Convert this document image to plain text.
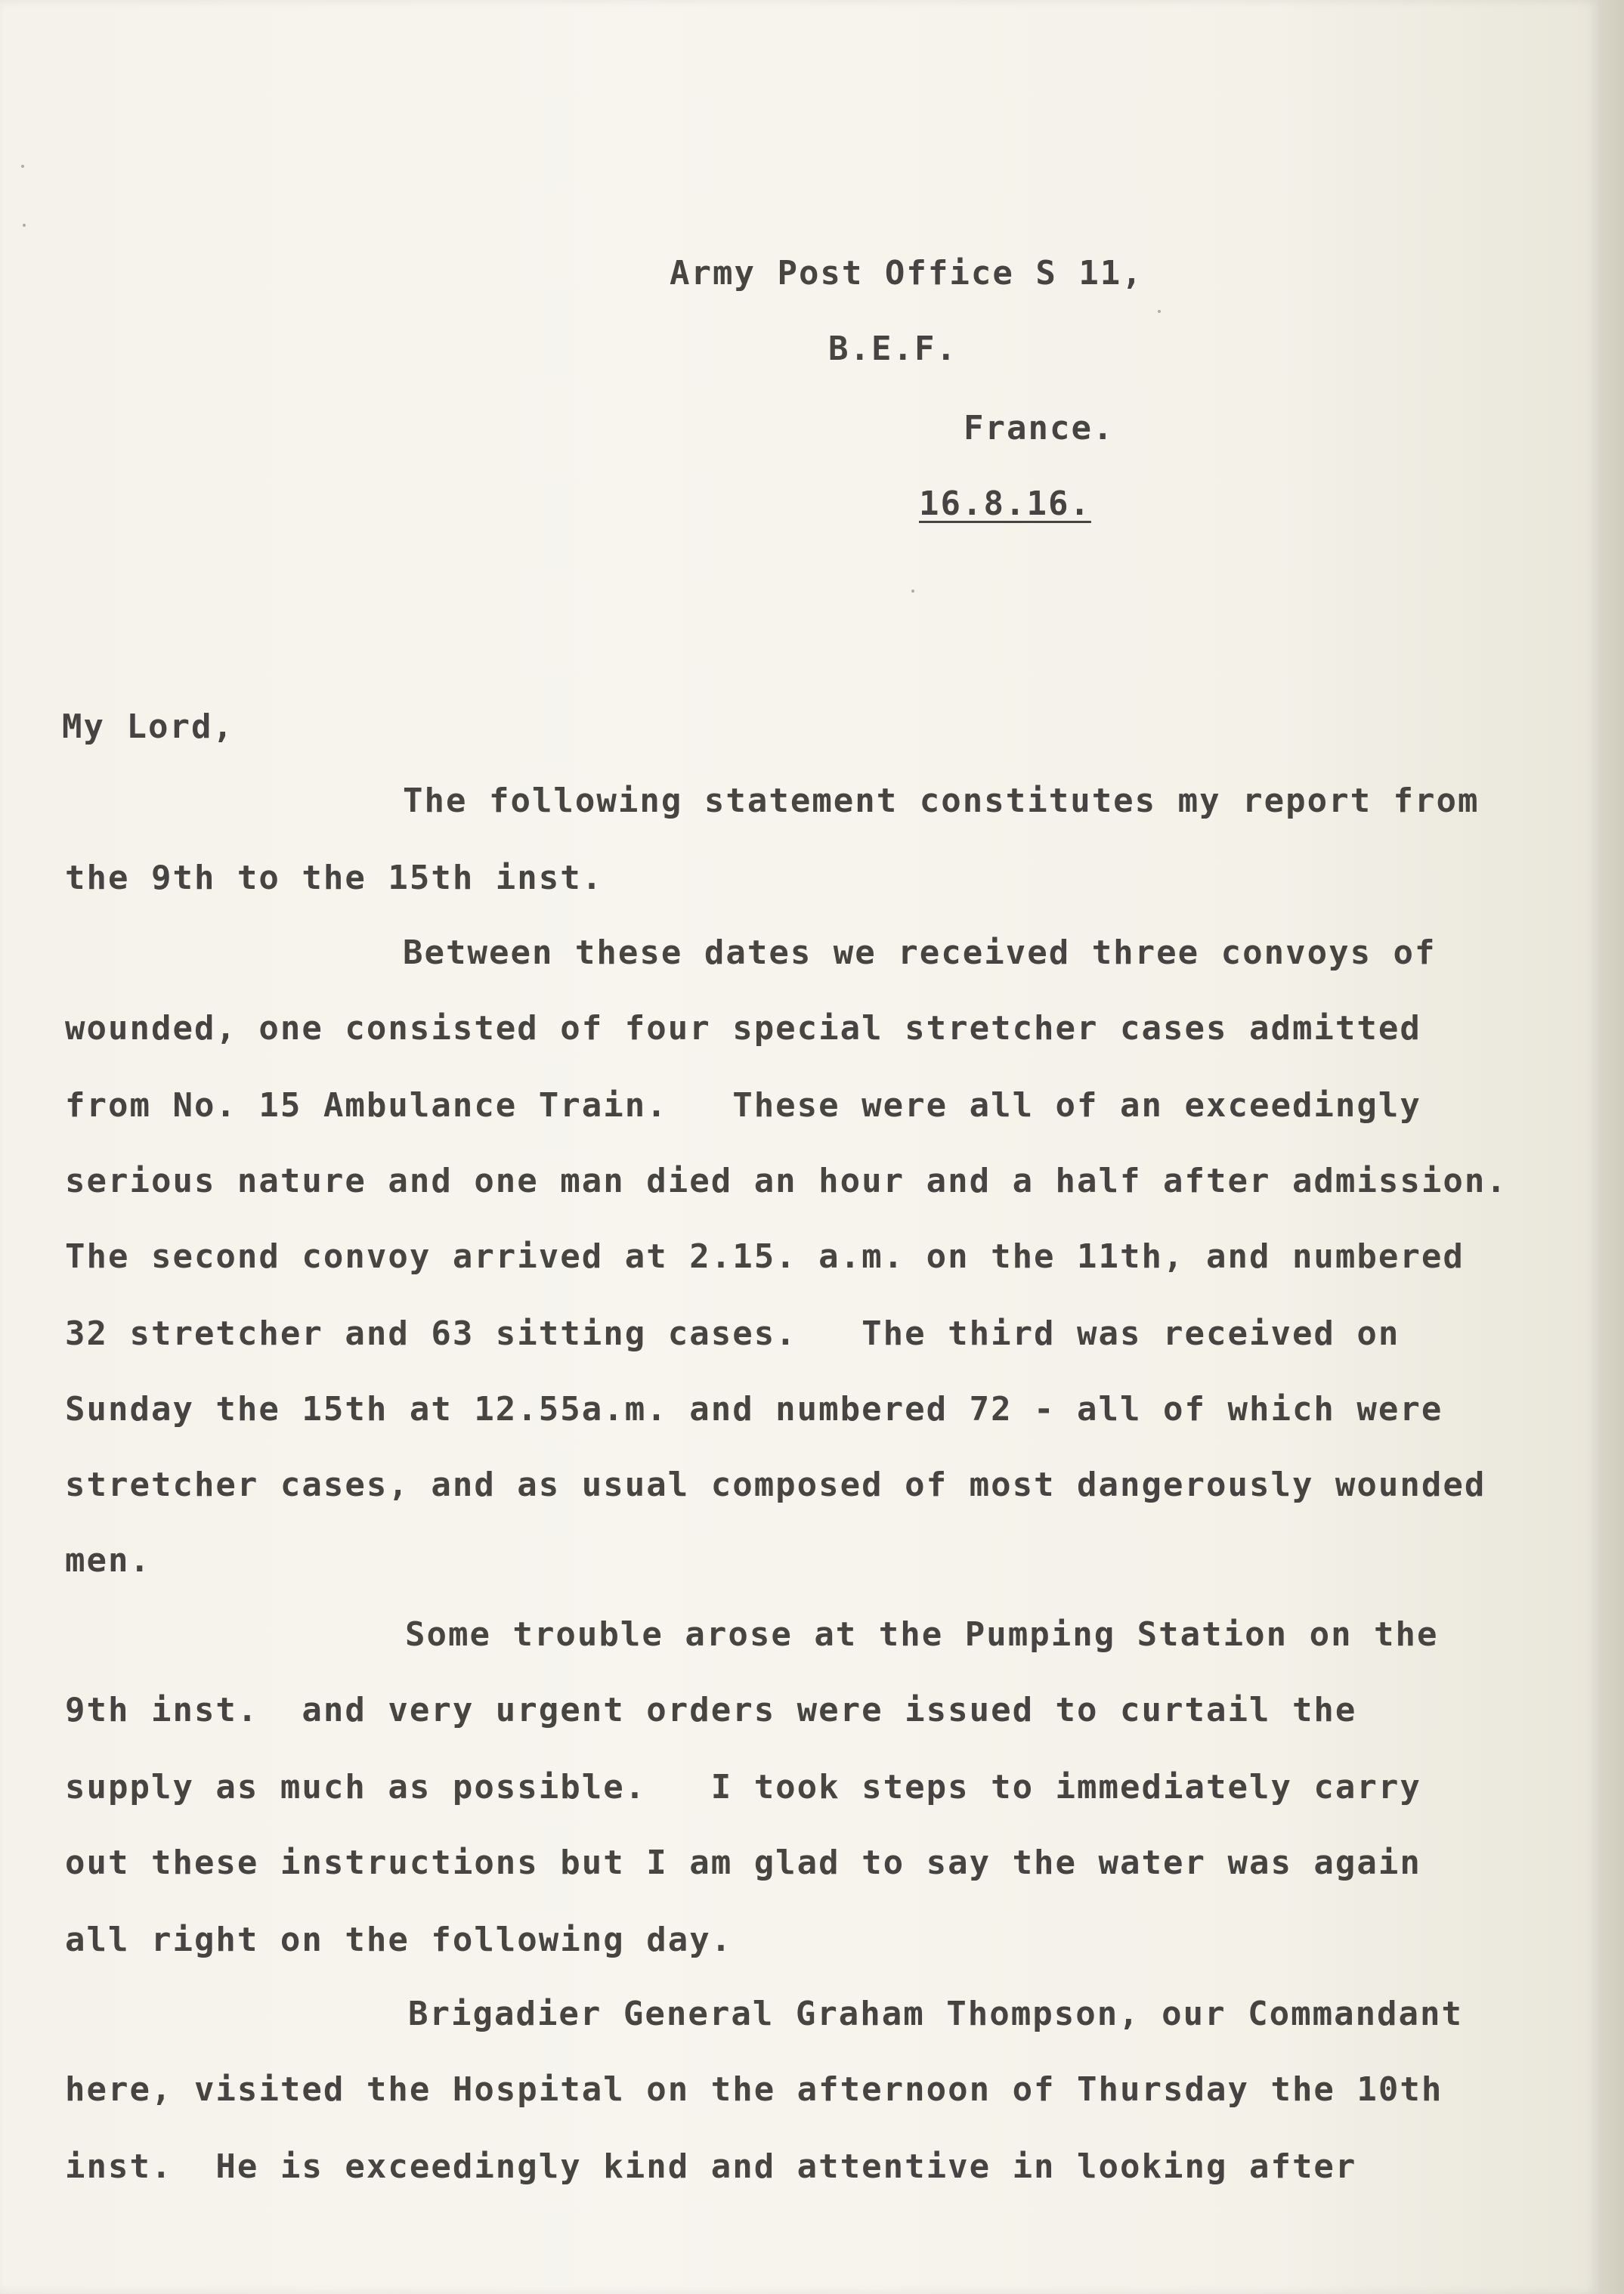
Army Post Office S 11,
B.E.F.
France.
16.8.16.
My Lord,
The following statement constitutes my report from
the 9th to the 15th inst.
Between these dates we received three convoys of
wounded, one consisted of four special stretcher cases admitted
from No. 15 Ambulance Train.   These were all of an exceedingly
serious nature and one man died an hour and a half after admission.
The second convoy arrived at 2.15. a.m. on the 11th, and numbered
32 stretcher and 63 sitting cases.   The third was received on
Sunday the 15th at 12.55a.m. and numbered 72 - all of which were
stretcher cases, and as usual composed of most dangerously wounded
men.
Some trouble arose at the Pumping Station on the
9th inst.  and very urgent orders were issued to curtail the
supply as much as possible.   I took steps to immediately carry
out these instructions but I am glad to say the water was again
all right on the following day.
Brigadier General Graham Thompson, our Commandant
here, visited the Hospital on the afternoon of Thursday the 10th
inst.  He is exceedingly kind and attentive in looking after
